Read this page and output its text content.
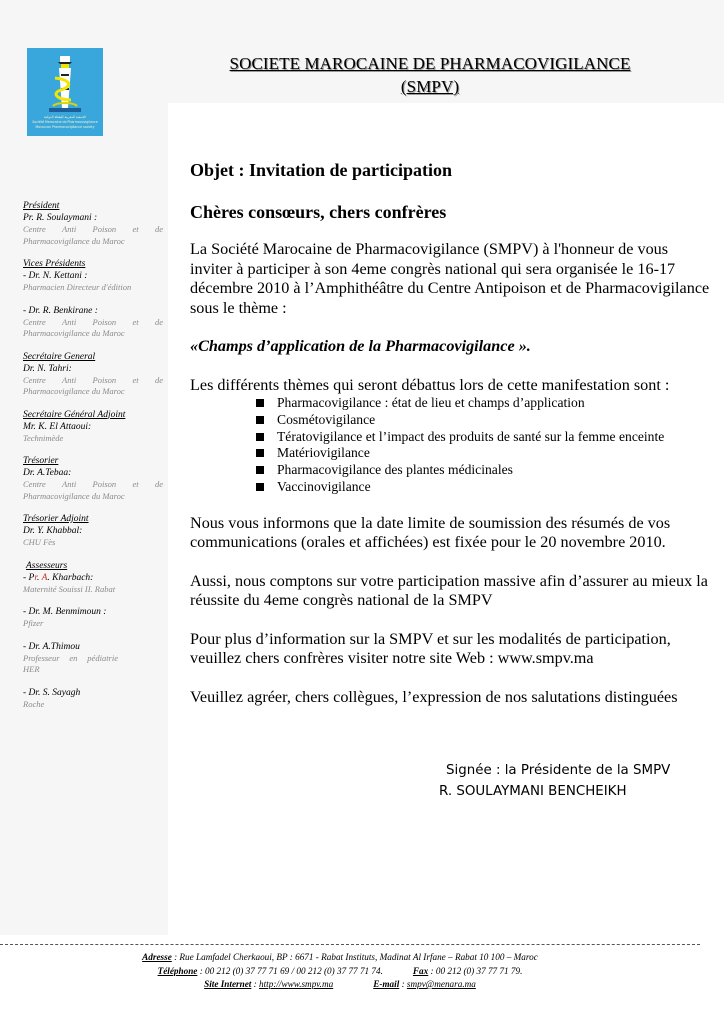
الجمعية المغربية لليقظة الدوائية
Société Marocaine de Pharmacovigilance
Moroccan Pharmacovigilance society
SOCIETE MAROCAINE DE PHARMACOVIGILANCE
(SMPV)
Président
Pr. R. Soulaymani :
Centre Anti Poison et de Pharmacovigilance du Maroc
Vices Présidents
- Dr. N. Kettani :
Pharmacien Directeur d'édition
- Dr. R. Benkirane :
Centre Anti Poison et de Pharmacovigilance du Maroc
Secrétaire General
Dr. N. Tahri:
Centre Anti Poison et de Pharmacovigilance du Maroc
Secrétaire Général Adjoint
Mr. K. El Attaoui:
Technimède
Trésorier
Dr. A.Tebaa:
Centre Anti Poison et de Pharmacovigilance du Maroc
Trésorier Adjoint
Dr. Y. Khabbal:
CHU Fès
Assesseurs
- Pr. A. Kharbach:
Maternité Souissi II. Rabat
- Dr. M. Benmimoun :
Pfizer
- Dr. A.Thimou
Professeur en pédiatrie HER
- Dr. S. Sayagh
Roche

Objet : Invitation de participation

Chères consœurs, chers confrères

La Société Marocaine de Pharmacovigilance (SMPV) à l'honneur de vous inviter à participer à son 4eme congrès national qui sera organisée le 16-17 décembre 2010 à l’Amphithéâtre du Centre Antipoison et de Pharmacovigilance sous le thème :

«Champs d’application de la Pharmacovigilance ».

Les différents thèmes qui seront débattus lors de cette manifestation sont :

Pharmacovigilance : état de lieu et champs d’application
Cosmétovigilance
Tératovigilance et l’impact des produits de santé sur la femme enceinte
Matériovigilance
Pharmacovigilance des plantes médicinales
Vaccinovigilance

Nous vous informons que la date limite de soumission des résumés de vos communications (orales et affichées) est fixée pour le 20 novembre 2010.

Aussi, nous comptons sur votre participation massive afin d’assurer au mieux la réussite du 4eme congrès national de la SMPV

Pour plus d’information sur la SMPV et sur les modalités de participation, veuillez chers confrères visiter notre site Web : www.smpv.ma

Veuillez agréer, chers collègues, l’expression de nos salutations distinguées

Signée : la Présidente de la SMPV
R. SOULAYMANI BENCHEIKH
Adresse : Rue Lamfadel Cherkaoui, BP : 6671 - Rabat Instituts, Madinat Al Irfane – Rabat 10 100 – Maroc
Téléphone : 00 212 (0) 37 77 71 69 / 00 212 (0) 37 77 71 74.	Fax : 00 212 (0) 37 77 71 79.
Site Internet : http://www.smpv.ma	E-mail : smpv@menara.ma
